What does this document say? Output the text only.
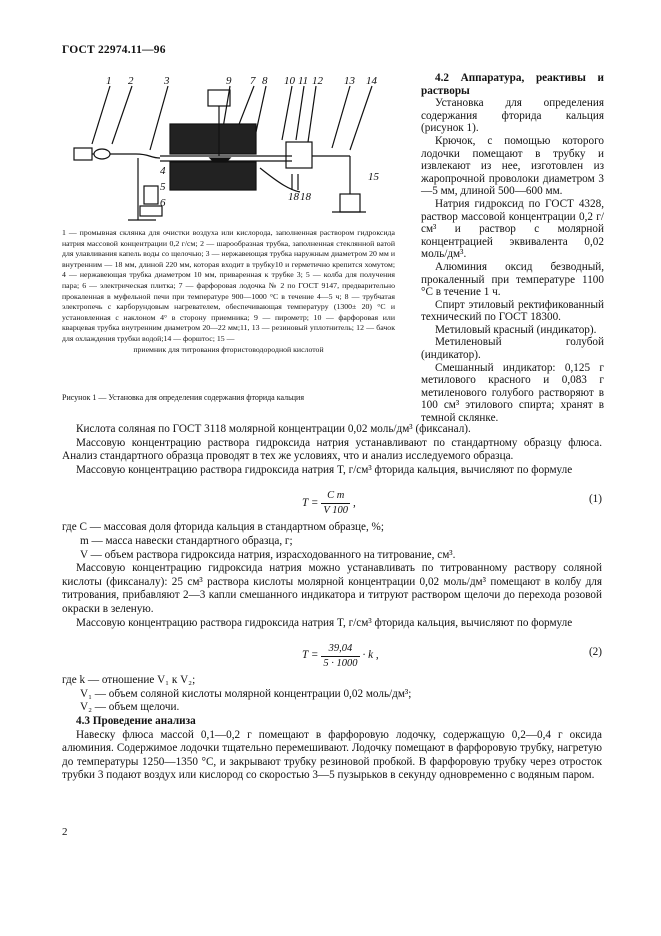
ГОСТ 22974.11—96
1 2	3	9 7 8 10 11 12 13 14
4
5
6
15
18 18

1 — промывная склянка для очистки воздуха или кислорода, заполненная раствором гидроксида натрия массовой концентрации 0,2 г/см; 2 — шарообразная трубка, заполненная стеклянной ватой для улавливания капель воды со щелочью; 3 — нержавеющая трубка наружным диаметром 20 мм и внутренним — 18 мм, длиной 220 мм, которая входит в трубку10 и герметично крепится хомутом; 4 — нержавеющая трубка диаметром 10 мм, приваренная к трубке 3; 5 — колба для получения пара; 6 — электрическая плитка; 7 — фарфоровая лодочка № 2 по ГОСТ 9147, предварительно прокаленная в муфельной печи при температуре 900—1000 °С в течение 4—5 ч; 8 — трубчатая электропечь с карборундовым нагревателем, обеспечивающая температуру (1300± 20) °С и установленная с наклоном 4° в сторону приемника; 9 — пирометр; 10 — фарфоровая или кварцевая трубка внутренним диаметром 20—22 мм;11, 13 — резиновый уплотнитель; 12 — бачок для охлаждения трубки водой;14 — форштос; 15 —

приемник для титрования фтористоводородной кислотой

Рисунок 1 — Установка для определения содержания фторида кальция

4.2 Аппаратура, реактивы и растворы

Установка для определения содержания фторида кальция (рисунок 1).

Крючок, с помощью которого лодочки помещают в трубку и извлекают из нее, изготовлен из жаропрочной проволоки диаметром 3—5 мм, длиной 500—600 мм.

Натрия гидроксид по ГОСТ 4328, раствор массовой концентрации 0,2 г/см³ и раствор с молярной концентрацией эквивалента 0,02 моль/дм³.

Алюминия оксид безводный, прокаленный при температуре 1100 °С в течение 1 ч.

Спирт этиловый ректификованный технический по ГОСТ 18300.

Метиловый красный (индикатор).

Метиленовый голубой (индикатор).

Смешанный индикатор: 0,125 г метилового красного и 0,083 г метиленового голубого растворяют в 100 см³ этилового спирта; хранят в темной склянке.

Кислота соляная по ГОСТ 3118 молярной концентрации 0,02 моль/дм³ (фиксанал).

Массовую концентрацию раствора гидроксида натрия устанавливают по стандартному образцу флюса. Анализ стандартного образца проводят в тех же условиях, что и анализ исследуемого образца.

Массовую концентрацию раствора гидроксида натрия T, г/см³ фторида кальция, вычисляют по формуле

$T = \frac{\text{C m}}{V 100}$ ,	(1)

где C — массовая доля фторида кальция в стандартном образце, %;

m — масса навески стандартного образца, г;

V — объем раствора гидроксида натрия, израсходованного на титрование, см³.

Массовую концентрацию гидроксида натрия можно устанавливать по титрованному раствору соляной кислоты (фиксаналу): 25 см³ раствора кислоты молярной концентрации 0,02 моль/дм³ помещают в колбу для титрования, прибавляют 2—3 капли смешанного индикатора и титруют раствором щелочи до перехода розовой окраски в зеленую.

Массовую концентрацию раствора гидроксида натрия T, г/см³ фторида кальция, вычисляют по формуле

$T = \frac{39,04}{5 \cdot 1000} \cdot k$ ,	(2)

где k — отношение V₁ к V₂;

V₁ — объем соляной кислоты молярной концентрации 0,02 моль/дм³;

V₂ — объем щелочи.

4.3 Проведение анализа

Навеску флюса массой 0,1—0,2 г помещают в фарфоровую лодочку, содержащую 0,2—0,4 г оксида алюминия. Содержимое лодочки тщательно перемешивают. Лодочку помещают в фарфоровую трубку, нагретую до температуры 1250—1350 °С, и закрывают трубку резиновой пробкой. В фарфоровую трубку через отросток трубки 3 подают воздух или кислород со скоростью 3—5 пузырьков в секунду одновременно с водяным паром.

2
